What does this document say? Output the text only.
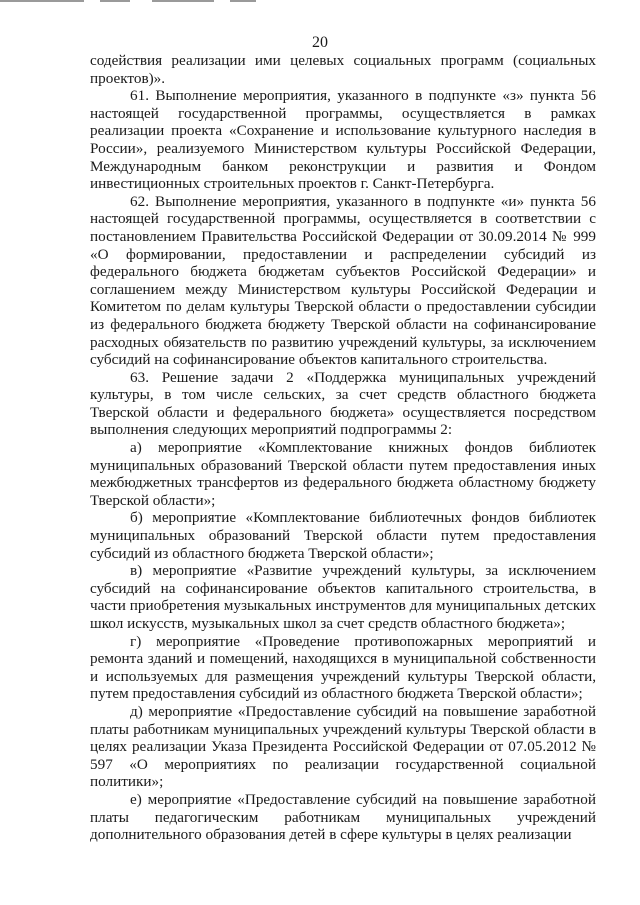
20

содействия реализации ими целевых социальных программ (социальных проектов)».

61. Выполнение мероприятия, указанного в подпункте «з» пункта 56 настоящей государственной программы, осуществляется в рамках реализации проекта «Сохранение и использование культурного наследия в России», реализуемого Министерством культуры Российской Федерации, Международным банком реконструкции и развития и Фондом инвестиционных строительных проектов г. Санкт-Петербурга.

62. Выполнение мероприятия, указанного в подпункте «и» пункта 56 настоящей государственной программы, осуществляется в соответствии с постановлением Правительства Российской Федерации от 30.09.2014 № 999 «О формировании, предоставлении и распределении субсидий из федерального бюджета бюджетам субъектов Российской Федерации» и соглашением между Министерством культуры Российской Федерации и Комитетом по делам культуры Тверской области о предоставлении субсидии из федерального бюджета бюджету Тверской области на софинансирование расходных обязательств по развитию учреждений культуры, за исключением субсидий на софинансирование объектов капитального строительства.

63. Решение задачи 2 «Поддержка муниципальных учреждений культуры, в том числе сельских, за счет средств областного бюджета Тверской области и федерального бюджета» осуществляется посредством выполнения следующих мероприятий подпрограммы 2:

а) мероприятие «Комплектование книжных фондов библиотек муниципальных образований Тверской области путем предоставления иных межбюджетных трансфертов из федерального бюджета областному бюджету Тверской области»;

б) мероприятие «Комплектование библиотечных фондов библиотек муниципальных образований Тверской области путем предоставления субсидий из областного бюджета Тверской области»;

в) мероприятие «Развитие учреждений культуры, за исключением субсидий на софинансирование объектов капитального строительства, в части приобретения музыкальных инструментов для муниципальных детских школ искусств, музыкальных школ за счет средств областного бюджета»;

г) мероприятие «Проведение противопожарных мероприятий и ремонта зданий и помещений, находящихся в муниципальной собственности и используемых для размещения учреждений культуры Тверской области, путем предоставления субсидий из областного бюджета Тверской области»;

д) мероприятие «Предоставление субсидий на повышение заработной платы работникам муниципальных учреждений культуры Тверской области в целях реализации Указа Президента Российской Федерации от 07.05.2012 № 597 «О мероприятиях по реализации государственной социальной политики»;

е) мероприятие «Предоставление субсидий на повышение заработной платы педагогическим работникам муниципальных учреждений дополнительного образования детей в сфере культуры в целях реализации
